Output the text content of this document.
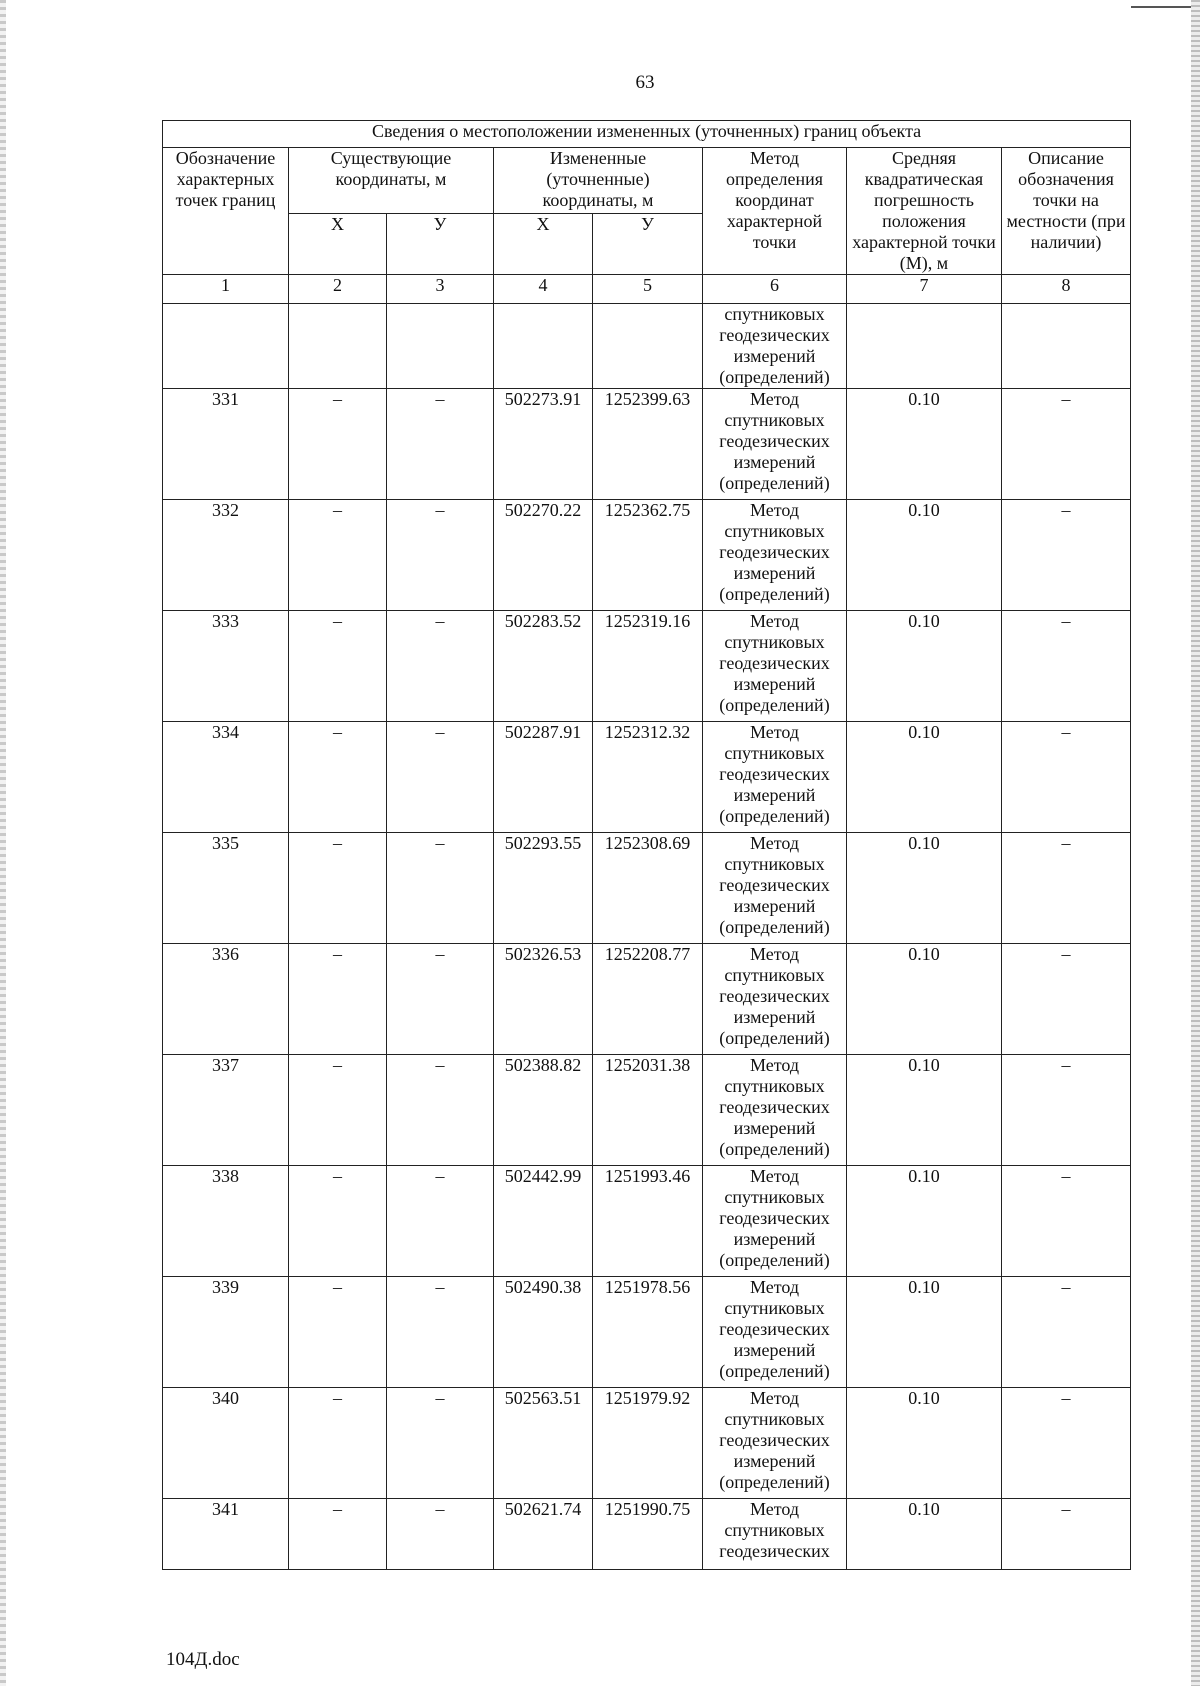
63
Сведения о местоположении измененных (уточненных) границ объекта							
Обозначение характерных точек границ	Существующие координаты, м		Измененные (уточненные) координаты, м		Метод определения координат характерной точки	Средняя квадратическая погрешность положения характерной точки (М), м	Описание обозначения точки на местности (при наличии)
	Х	У	Х	У			
1	2	3	4	5	6	7	8
					спутниковых геодезических измерений (определений)		
331	–	–	502273.91	1252399.63	Метод спутниковых геодезических измерений (определений)	0.10	–
332	–	–	502270.22	1252362.75	Метод спутниковых геодезических измерений (определений)	0.10	–
333	–	–	502283.52	1252319.16	Метод спутниковых геодезических измерений (определений)	0.10	–
334	–	–	502287.91	1252312.32	Метод спутниковых геодезических измерений (определений)	0.10	–
335	–	–	502293.55	1252308.69	Метод спутниковых геодезических измерений (определений)	0.10	–
336	–	–	502326.53	1252208.77	Метод спутниковых геодезических измерений (определений)	0.10	–
337	–	–	502388.82	1252031.38	Метод спутниковых геодезических измерений (определений)	0.10	–
338	–	–	502442.99	1251993.46	Метод спутниковых геодезических измерений (определений)	0.10	–
339	–	–	502490.38	1251978.56	Метод спутниковых геодезических измерений (определений)	0.10	–
340	–	–	502563.51	1251979.92	Метод спутниковых геодезических измерений (определений)	0.10	–
341	–	–	502621.74	1251990.75	Метод спутниковых геодезических	0.10	–
104Д.doc
